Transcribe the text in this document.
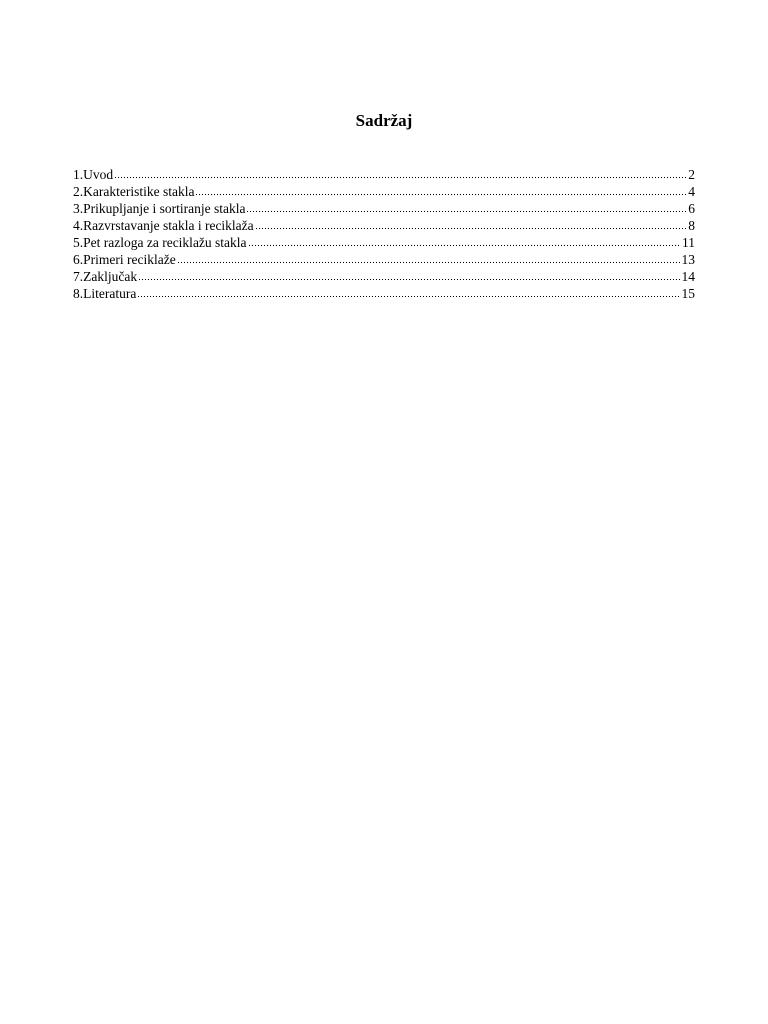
Sadržaj
1.Uvod	2
2.Karakteristike stakla	4
3.Prikupljanje i sortiranje stakla	6
4.Razvrstavanje stakla i reciklaža	8
5.Pet razloga za reciklažu stakla	11
6.Primeri reciklaže	13
7.Zaključak	14
8.Literatura	15
